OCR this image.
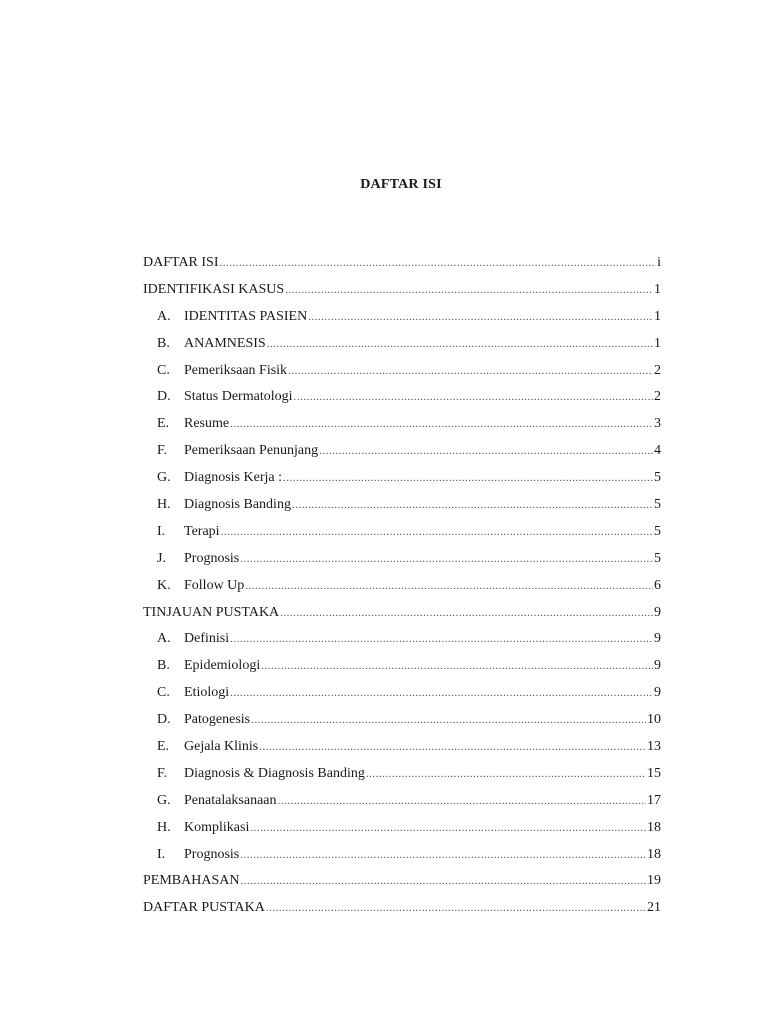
DAFTAR ISI
DAFTAR ISI .....	i
IDENTIFIKASI KASUS .....	1
A. IDENTITAS PASIEN .....	1
B.	ANAMNESIS .....	1
C.	Pemeriksaan Fisik .....	2
D. Status Dermatologi .....	2
E.	Resume .....	3
F.	Pemeriksaan Penunjang .....	4
G. Diagnosis Kerja : .....	5
H. Diagnosis Banding .....	5
I.	Terapi .....	5
J.	Prognosis .....	5
K. Follow Up .....	6
TINJAUAN PUSTAKA .....	9
A. Definisi .....	9
B.	Epidemiologi .....	9
C.	Etiologi .....	9
D. Patogenesis .....	10
E.	Gejala Klinis .....	13
F.	Diagnosis & Diagnosis Banding .....	15
G. Penatalaksanaan .....	17
H. Komplikasi .....	18
I.	Prognosis .....	18
PEMBAHASAN .....	19
DAFTAR PUSTAKA .....	21
